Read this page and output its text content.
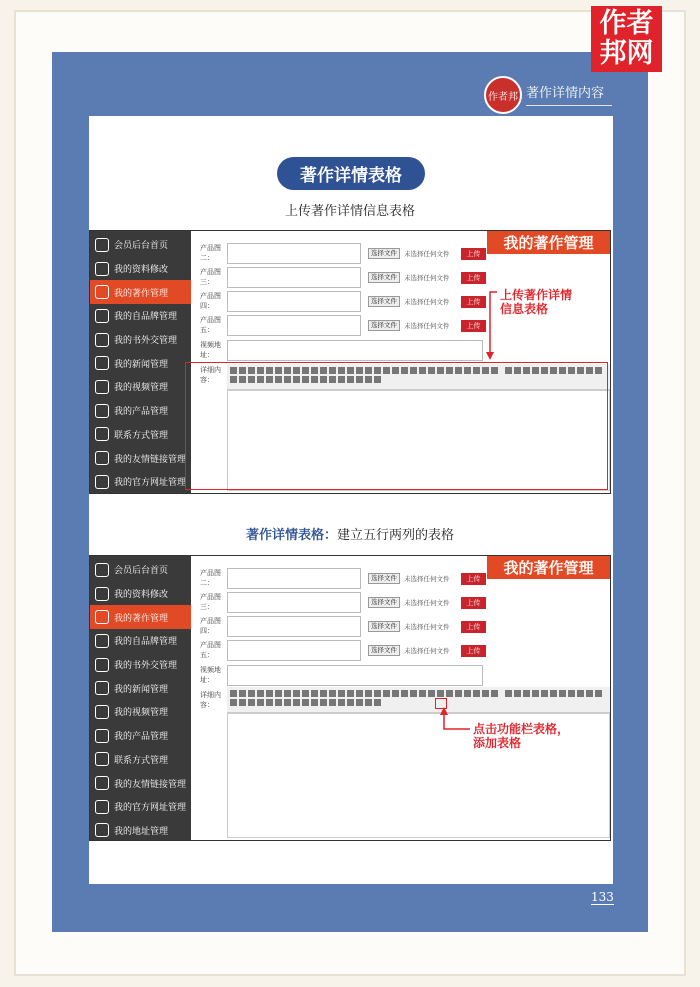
作者
邦网
作者邦 著作详情内容
著作详情表格
上传著作详情信息表格
会员后台首页
我的资料修改
我的著作管理
我的自品牌管理
我的书外交管理
我的新闻管理
我的视频管理
我的产品管理
联系方式管理
我的友情链接管理
我的官方网址管理
产品图
二：
选择文件	未选择任何文件	上传
产品图
三：
选择文件	未选择任何文件	上传
产品图
四：
选择文件	未选择任何文件	上传
产品图
五：
选择文件	未选择任何文件	上传
视频地
址：
详细内
容：

我的著作管理
上传著作详情
信息表格
著作详情表格：建立五行两列的表格
会员后台首页
我的资料修改
我的著作管理
我的自品牌管理
我的书外交管理
我的新闻管理
我的视频管理
我的产品管理
联系方式管理
我的友情链接管理
我的官方网址管理
我的地址管理
产品图
二：
选择文件	未选择任何文件	上传
产品图
三：
选择文件	未选择任何文件	上传
产品图
四：
选择文件	未选择任何文件	上传
产品图
五：
选择文件	未选择任何文件	上传
视频地
址：
详细内
容：

我的著作管理
点击功能栏表格，
添加表格
133
